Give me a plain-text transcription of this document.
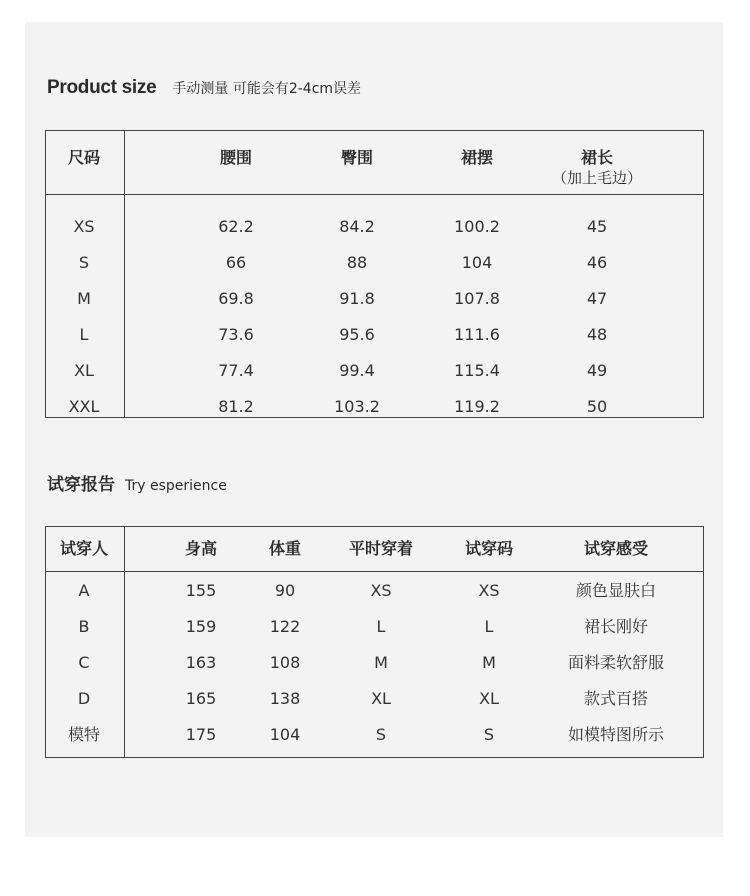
Product size 手动测量 可能会有2-4cm误差
尺码	腰围	臀围	裙摆	裙长
（加上毛边）
XS	62.2	84.2	100.2	45
S	66	88	104	46
M	69.8	91.8	107.8	47
L	73.6	95.6	111.6	48
XL	77.4	99.4	115.4	49
XXL	81.2	103.2	119.2	50
试穿报告 Try esperience
试穿人	身高	体重	平时穿着	试穿码	试穿感受
A	155	90	XS	XS	颜色显肤白
B	159	122	L	L	裙长刚好
C	163	108	M	M	面料柔软舒服
D	165	138	XL	XL	款式百搭
模特	175	104	S	S	如模特图所示
